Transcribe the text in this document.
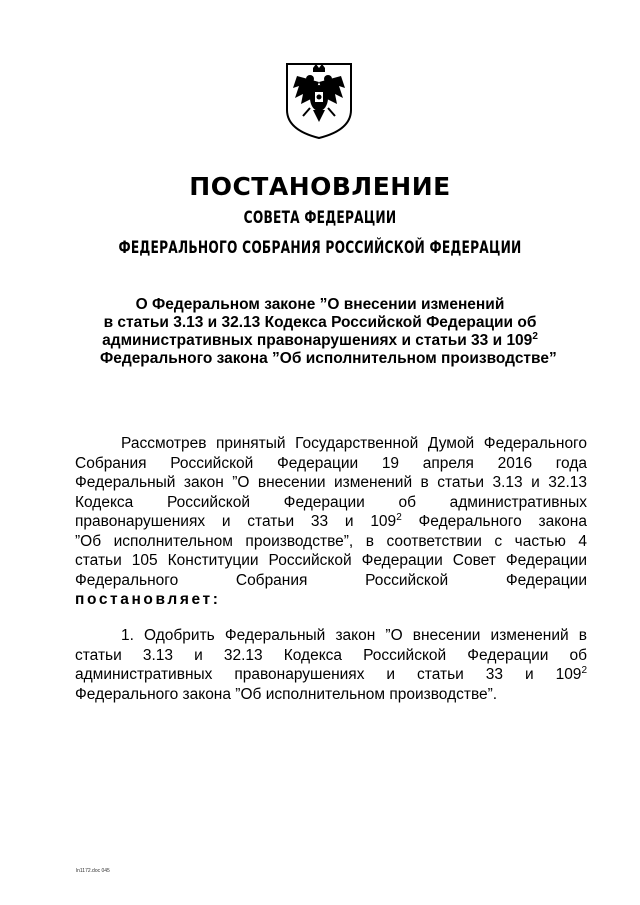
ПОСТАНОВЛЕНИЕ
СОВЕТА ФЕДЕРАЦИИ
ФЕДЕРАЛЬНОГО СОБРАНИЯ РОССИЙСКОЙ ФЕДЕРАЦИИ
О Федеральном законе ”О внесении изменений
в статьи 3.13 и 32.13 Кодекса Российской Федерации об
административных правонарушениях и статьи 33 и $109^2$
Федерального закона ”Об исполнительном производстве”
Рассмотрев принятый Государственной Думой Федерального
Собрания Российской Федерации 19 апреля 2016 года
Федеральный закон ”О внесении изменений в статьи 3.13 и 32.13
Кодекса Российской Федерации об административных
правонарушениях и статьи 33 и $109^2$ Федерального закона
”Об исполнительном производстве”, в соответствии с частью 4
статьи 105 Конституции Российской Федерации Совет Федерации
Федерального Собрания Российской Федерации
постановляет:
1. Одобрить Федеральный закон ”О внесении изменений в
статьи 3.13 и 32.13 Кодекса Российской Федерации об
административных правонарушениях и статьи 33 и $109^2$
Федерального закона ”Об исполнительном производстве”.
ln1172.doc 045
